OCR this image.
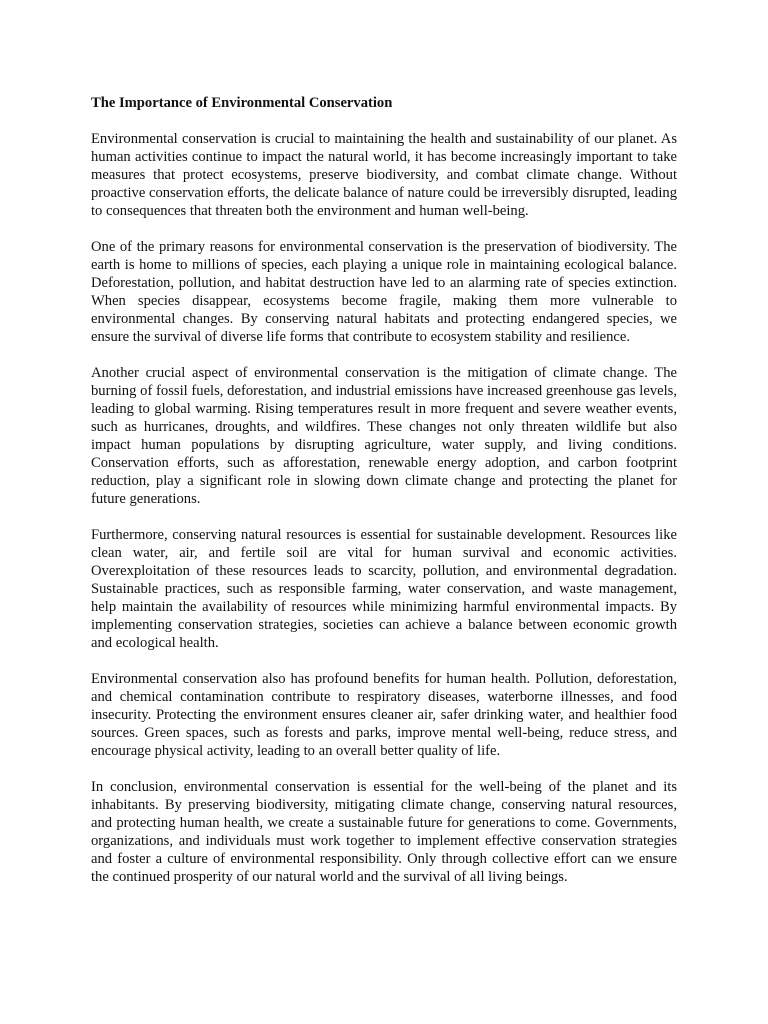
The Importance of Environmental Conservation

Environmental conservation is crucial to maintaining the health and sustainability of our planet. As human activities continue to impact the natural world, it has become increasingly important to take measures that protect ecosystems, preserve biodiversity, and combat climate change. Without proactive conservation efforts, the delicate balance of nature could be irreversibly disrupted, leading to consequences that threaten both the environment and human well-being.

One of the primary reasons for environmental conservation is the preservation of biodiversity. The earth is home to millions of species, each playing a unique role in maintaining ecological balance. Deforestation, pollution, and habitat destruction have led to an alarming rate of species extinction. When species disappear, ecosystems become fragile, making them more vulnerable to environmental changes. By conserving natural habitats and protecting endangered species, we ensure the survival of diverse life forms that contribute to ecosystem stability and resilience.

Another crucial aspect of environmental conservation is the mitigation of climate change. The burning of fossil fuels, deforestation, and industrial emissions have increased greenhouse gas levels, leading to global warming. Rising temperatures result in more frequent and severe weather events, such as hurricanes, droughts, and wildfires. These changes not only threaten wildlife but also impact human populations by disrupting agriculture, water supply, and living conditions. Conservation efforts, such as afforestation, renewable energy adoption, and carbon footprint reduction, play a significant role in slowing down climate change and protecting the planet for future generations.

Furthermore, conserving natural resources is essential for sustainable development. Resources like clean water, air, and fertile soil are vital for human survival and economic activities. Overexploitation of these resources leads to scarcity, pollution, and environmental degradation. Sustainable practices, such as responsible farming, water conservation, and waste management, help maintain the availability of resources while minimizing harmful environmental impacts. By implementing conservation strategies, societies can achieve a balance between economic growth and ecological health.

Environmental conservation also has profound benefits for human health. Pollution, deforestation, and chemical contamination contribute to respiratory diseases, waterborne illnesses, and food insecurity. Protecting the environment ensures cleaner air, safer drinking water, and healthier food sources. Green spaces, such as forests and parks, improve mental well-being, reduce stress, and encourage physical activity, leading to an overall better quality of life.

In conclusion, environmental conservation is essential for the well-being of the planet and its inhabitants. By preserving biodiversity, mitigating climate change, conserving natural resources, and protecting human health, we create a sustainable future for generations to come. Governments, organizations, and individuals must work together to implement effective conservation strategies and foster a culture of environmental responsibility. Only through collective effort can we ensure the continued prosperity of our natural world and the survival of all living beings.
